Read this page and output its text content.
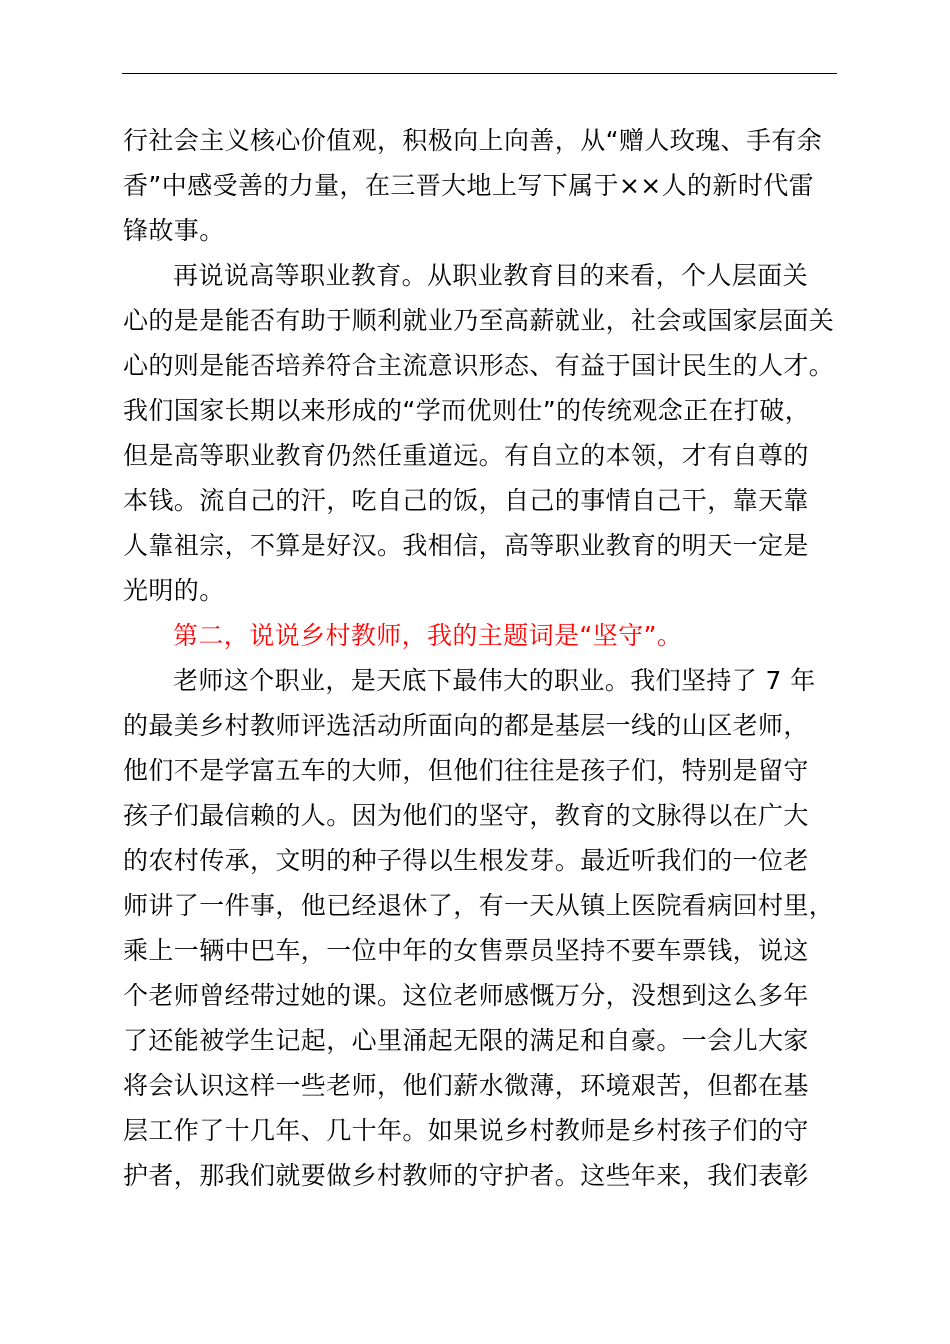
行社会主义核心价值观，积极向上向善，从“赠人玫瑰、手有余
香”中感受善的力量，在三晋大地上写下属于××人的新时代雷
锋故事。
再说说高等职业教育。从职业教育目的来看，个人层面关
心的是是能否有助于顺利就业乃至高薪就业，社会或国家层面关
心的则是能否培养符合主流意识形态、有益于国计民生的人才。
我们国家长期以来形成的“学而优则仕”的传统观念正在打破，
但是高等职业教育仍然任重道远。有自立的本领，才有自尊的
本钱。流自己的汗，吃自己的饭，自己的事情自己干，靠天靠
人靠祖宗，不算是好汉。我相信，高等职业教育的明天一定是
光明的。
第二，说说乡村教师，我的主题词是“坚守”。
老师这个职业，是天底下最伟大的职业。我们坚持了 7 年
的最美乡村教师评选活动所面向的都是基层一线的山区老师，
他们不是学富五车的大师，但他们往往是孩子们，特别是留守
孩子们最信赖的人。因为他们的坚守，教育的文脉得以在广大
的农村传承，文明的种子得以生根发芽。最近听我们的一位老
师讲了一件事，他已经退休了，有一天从镇上医院看病回村里，
乘上一辆中巴车，一位中年的女售票员坚持不要车票钱，说这
个老师曾经带过她的课。这位老师感慨万分，没想到这么多年
了还能被学生记起，心里涌起无限的满足和自豪。一会儿大家
将会认识这样一些老师，他们薪水微薄，环境艰苦，但都在基
层工作了十几年、几十年。如果说乡村教师是乡村孩子们的守
护者，那我们就要做乡村教师的守护者。这些年来，我们表彰
